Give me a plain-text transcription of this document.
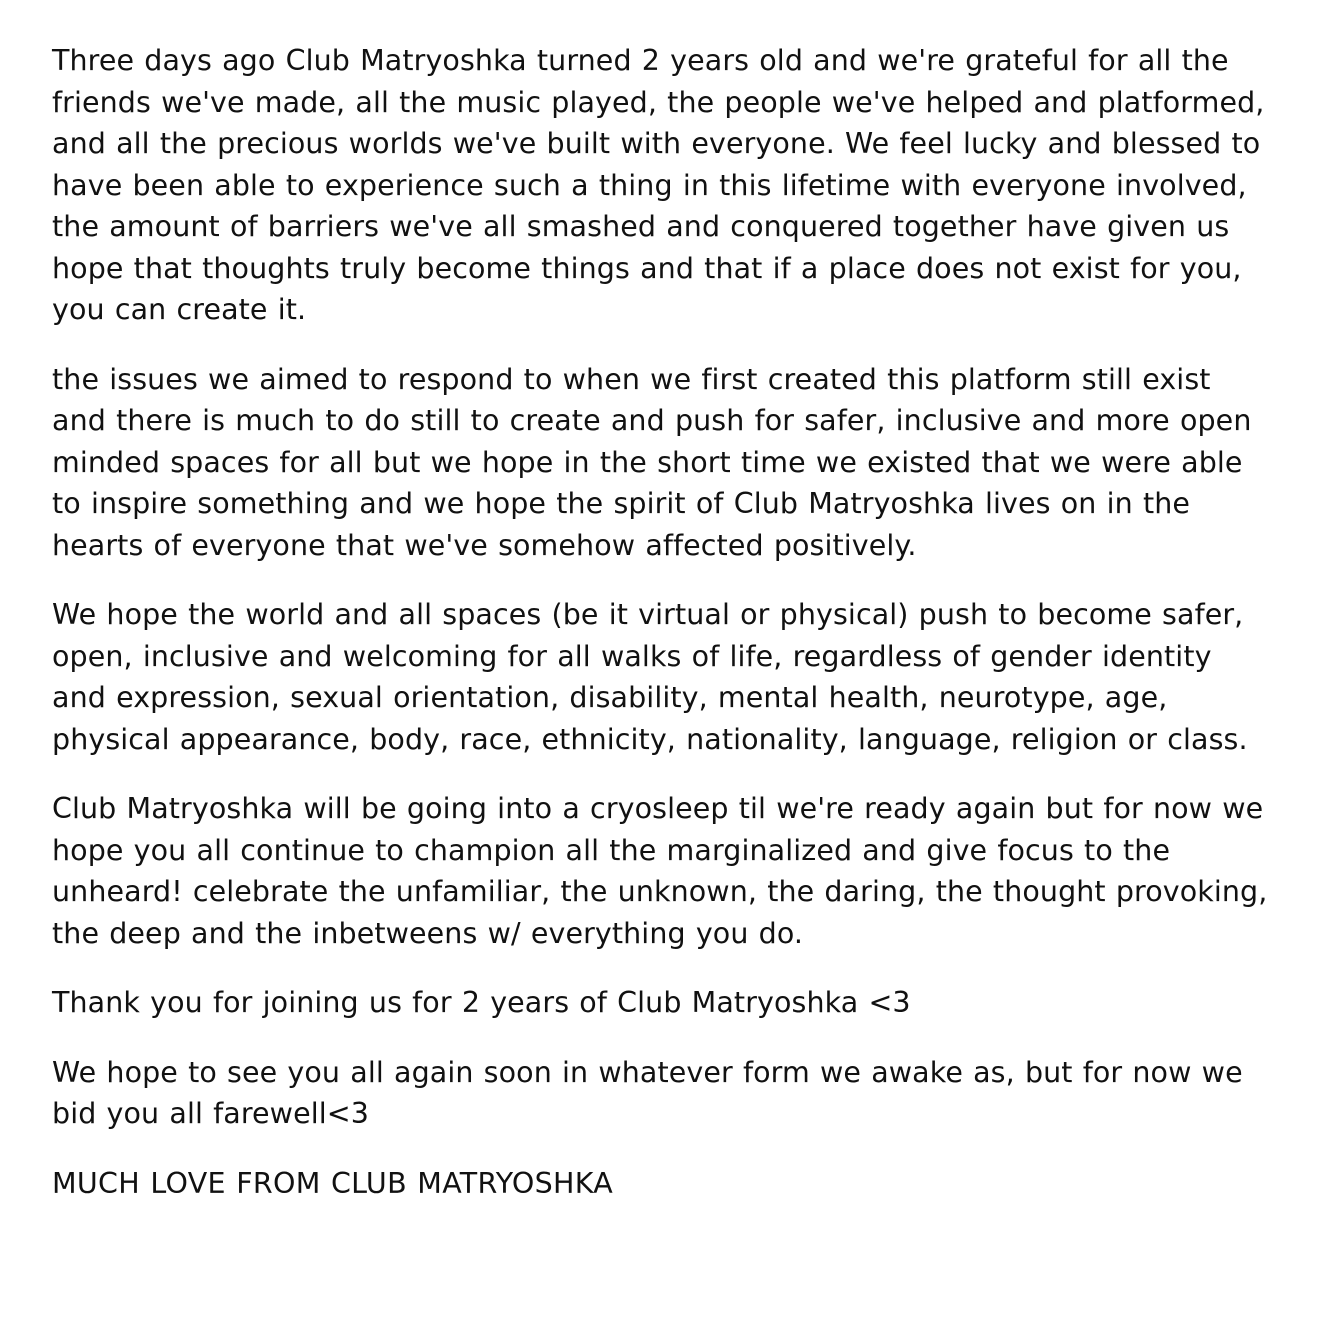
Three days ago Club Matryoshka turned 2 years old and we're grateful for all the friends we've made, all the music played, the people we've helped and platformed, and all the precious worlds we've built with everyone. We feel lucky and blessed to have been able to experience such a thing in this lifetime with everyone involved, the amount of barriers we've all smashed and conquered together have given us hope that thoughts truly become things and that if a place does not exist for you, you can create it.

the issues we aimed to respond to when we first created this platform still exist and there is much to do still to create and push for safer, inclusive and more open minded spaces for all but we hope in the short time we existed that we were able to inspire something and we hope the spirit of Club Matryoshka lives on in the hearts of everyone that we've somehow affected positively.

We hope the world and all spaces (be it virtual or physical) push to become safer, open, inclusive and welcoming for all walks of life, regardless of gender identity and expression, sexual orientation, disability, mental health, neurotype, age, physical appearance, body, race, ethnicity, nationality, language, religion or class.

Club Matryoshka will be going into a cryosleep til we're ready again but for now we hope you all continue to champion all the marginalized and give focus to the unheard! celebrate the unfamiliar, the unknown, the daring, the thought provoking, the deep and the inbetweens w/ everything you do.

Thank you for joining us for 2 years of Club Matryoshka <3

We hope to see you all again soon in whatever form we awake as, but for now we bid you all farewell<3

MUCH LOVE FROM CLUB MATRYOSHKA
